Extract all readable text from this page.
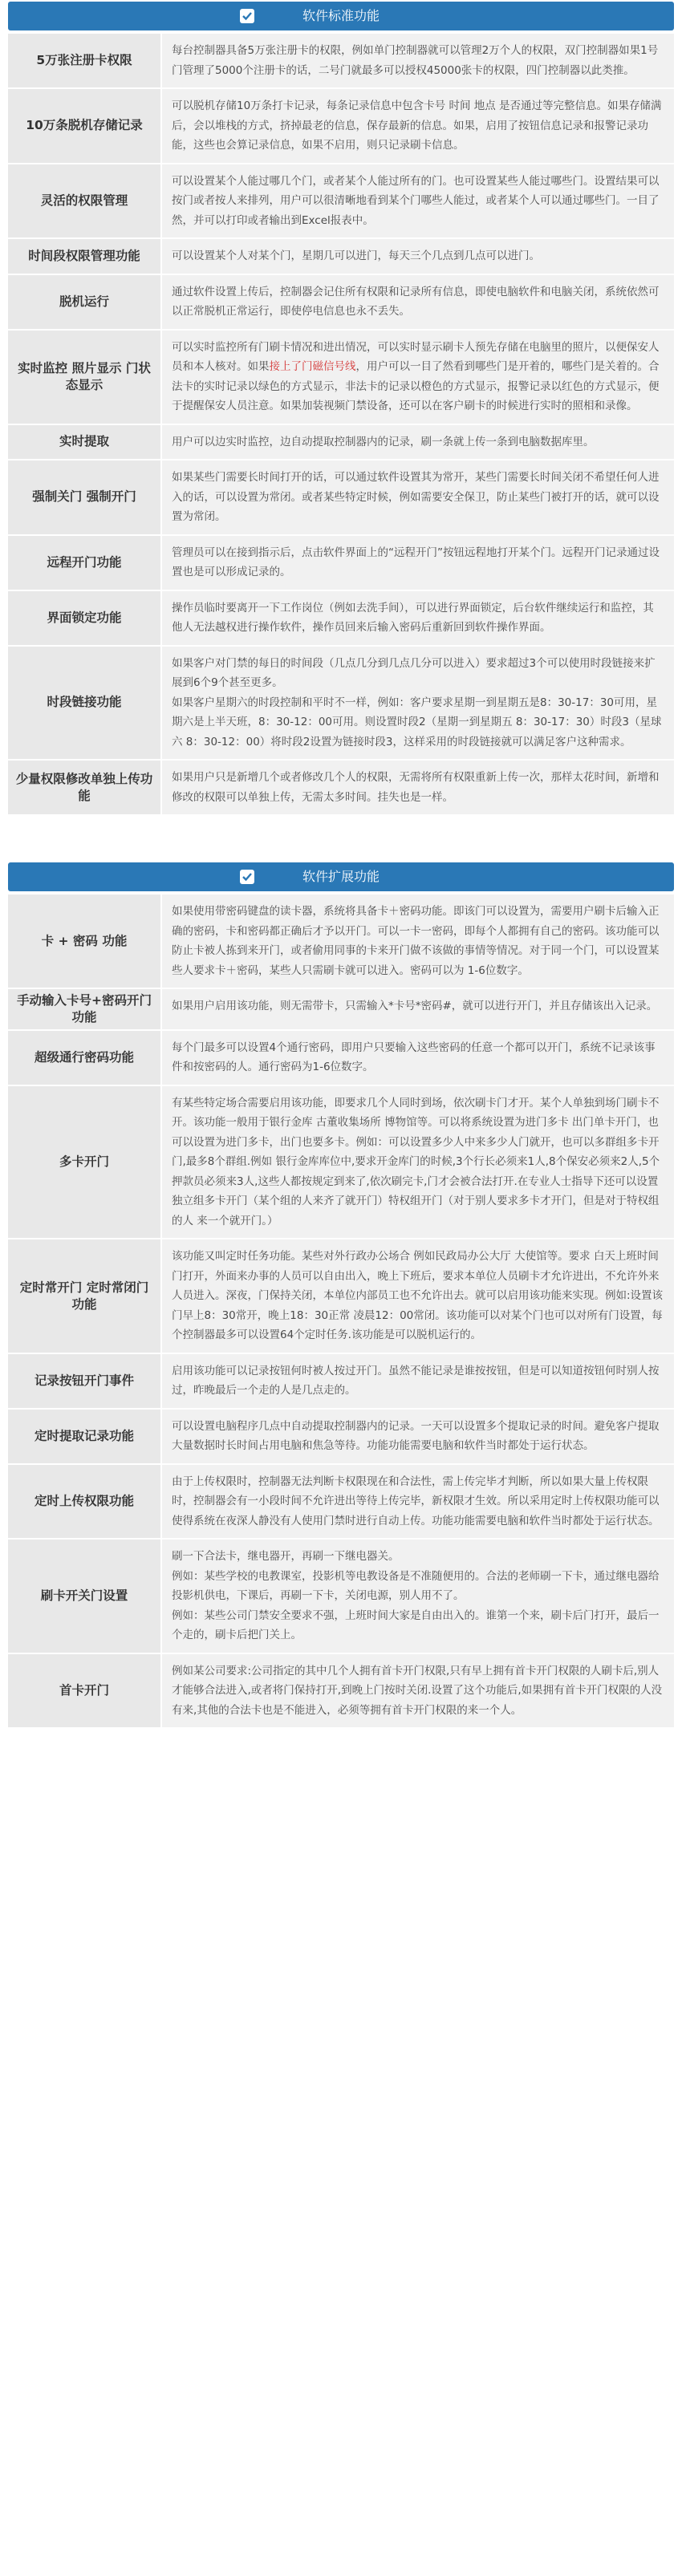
软件标准功能
5万张注册卡权限

每台控制器具备5万张注册卡的权限，例如单门控制器就可以管理2万个人的权限，双门控制器如果1号门管理了5000个注册卡的话，二号门就最多可以授权45000张卡的权限，四门控制器以此类推。

10万条脱机存储记录

可以脱机存储10万条打卡记录，每条记录信息中包含卡号 时间 地点 是否通过等完整信息。如果存储满后，会以堆栈的方式，挤掉最老的信息，保存最新的信息。如果，启用了按钮信息记录和报警记录功能，这些也会算记录信息，如果不启用，则只记录刷卡信息。

灵活的权限管理

可以设置某个人能过哪几个门，或者某个人能过所有的门。也可设置某些人能过哪些门。设置结果可以按门或者按人来排列，用户可以很清晰地看到某个门哪些人能过，或者某个人可以通过哪些门。一目了然，并可以打印或者输出到Excel报表中。

时间段权限管理功能	可以设置某个人对某个门，星期几可以进门，每天三个几点到几点可以进门。

脱机运行

通过软件设置上传后，控制器会记住所有权限和记录所有信息，即使电脑软件和电脑关闭，系统依然可以正常脱机正常运行，即使停电信息也永不丢失。

实时监控 照片显示 门状态显示

可以实时监控所有门刷卡情况和进出情况，可以实时显示刷卡人预先存储在电脑里的照片，以便保安人员和本人核对。如果接上了门磁信号线，用户可以一目了然看到哪些门是开着的，哪些门是关着的。合法卡的实时记录以绿色的方式显示，非法卡的记录以橙色的方式显示，报警记录以红色的方式显示，便于提醒保安人员注意。如果加装视频门禁设备，还可以在客户刷卡的时候进行实时的照相和录像。

实时提取	用户可以边实时监控，边自动提取控制器内的记录，刷一条就上传一条到电脑数据库里。

强制关门 强制开门

如果某些门需要长时间打开的话，可以通过软件设置其为常开，某些门需要长时间关闭不希望任何人进入的话，可以设置为常闭。或者某些特定时候，例如需要安全保卫，防止某些门被打开的话，就可以设置为常闭。

远程开门功能

管理员可以在接到指示后，点击软件界面上的“远程开门”按钮远程地打开某个门。远程开门记录通过设置也是可以形成记录的。

界面锁定功能

操作员临时要离开一下工作岗位（例如去洗手间），可以进行界面锁定，后台软件继续运行和监控，其他人无法越权进行操作软件，操作员回来后输入密码后重新回到软件操作界面。

时段链接功能

如果客户对门禁的每日的时间段（几点几分到几点几分可以进入）要求超过3个可以使用时段链接来扩展到6个9个甚至更多。

如果客户星期六的时段控制和平时不一样，例如：客户要求星期一到星期五是8：30-17：30可用，星期六是上半天班，8：30-12：00可用。则设置时段2（星期一到星期五 8：30-17：30）时段3（星球六 8：30-12：00）将时段2设置为链接时段3，这样采用的时段链接就可以满足客户这种需求。

少量权限修改单独上传功能

如果用户只是新增几个或者修改几个人的权限，无需将所有权限重新上传一次，那样太花时间，新增和修改的权限可以单独上传，无需太多时间。挂失也是一样。

软件扩展功能
卡 + 密码 功能

如果使用带密码键盘的读卡器，系统将具备卡＋密码功能。即该门可以设置为，需要用户刷卡后输入正确的密码，卡和密码都正确后才予以开门。可以一卡一密码，即每个人都拥有自己的密码。该功能可以防止卡被人拣到来开门，或者偷用同事的卡来开门做不该做的事情等情况。对于同一个门，可以设置某些人要求卡＋密码，某些人只需刷卡就可以进入。密码可以为 1-6位数字。

手动输入卡号+密码开门功能

如果用户启用该功能，则无需带卡，只需输入*卡号*密码#，就可以进行开门，并且存储该出入记录。

超级通行密码功能

每个门最多可以设置4个通行密码，即用户只要输入这些密码的任意一个都可以开门，系统不记录该事件和按密码的人。通行密码为1-6位数字。

多卡开门

有某些特定场合需要启用该功能，即要求几个人同时到场，依次刷卡门才开。某个人单独到场门刷卡不开。该功能一般用于银行金库 古董收集场所 博物馆等。可以将系统设置为进门多卡 出门单卡开门，也可以设置为进门多卡，出门也要多卡。例如：可以设置多少人中来多少人门就开，也可以多群组多卡开门,最多8个群组.例如 银行金库库位中,要求开金库门的时候,3个行长必须来1人,8个保安必须来2人,5个押款员必须来3人,这些人都按规定到来了,依次刷完卡,门才会被合法打开.在专业人士指导下还可以设置 独立组多卡开门（某个组的人来齐了就开门）特权组开门（对于别人要求多卡才开门，但是对于特权组的人 来一个就开门。）

定时常开门 定时常闭门 功能

该功能又叫定时任务功能。某些对外行政办公场合 例如民政局办公大厅 大使馆等。要求 白天上班时间门打开，外面来办事的人员可以自由出入，晚上下班后，要求本单位人员刷卡才允许进出，不允许外来人员进入。深夜，门保持关闭，本单位内部员工也不允许出去。就可以启用该功能来实现。例如:设置该门早上8：30常开，晚上18：30正常 凌晨12：00常闭。该功能可以对某个门也可以对所有门设置，每个控制器最多可以设置64个定时任务.该功能是可以脱机运行的。

记录按钮开门事件

启用该功能可以记录按钮何时被人按过开门。虽然不能记录是谁按按钮，但是可以知道按钮何时别人按过，昨晚最后一个走的人是几点走的。

定时提取记录功能

可以设置电脑程序几点中自动提取控制器内的记录。一天可以设置多个提取记录的时间。避免客户提取大量数据时长时间占用电脑和焦急等待。功能功能需要电脑和软件当时都处于运行状态。

定时上传权限功能

由于上传权限时，控制器无法判断卡权限现在和合法性，需上传完毕才判断，所以如果大量上传权限时，控制器会有一小段时间不允许进出等待上传完毕，新权限才生效。所以采用定时上传权限功能可以使得系统在夜深人静没有人使用门禁时进行自动上传。功能功能需要电脑和软件当时都处于运行状态。

刷卡开关门设置

刷一下合法卡，继电器开，再刷一下继电器关。

例如：某些学校的电教课室，投影机等电教设备是不准随便用的。合法的老师刷一下卡，通过继电器给投影机供电，下课后，再刷一下卡，关闭电源，别人用不了。

例如：某些公司门禁安全要求不强，上班时间大家是自由出入的。谁第一个来，刷卡后门打开，最后一个走的，刷卡后把门关上。

首卡开门

例如某公司要求:公司指定的其中几个人拥有首卡开门权限,只有早上拥有首卡开门权限的人刷卡后,别人才能够合法进入,或者将门保持打开,到晚上门按时关闭.设置了这个功能后,如果拥有首卡开门权限的人没有来,其他的合法卡也是不能进入，必须等拥有首卡开门权限的来一个人。
